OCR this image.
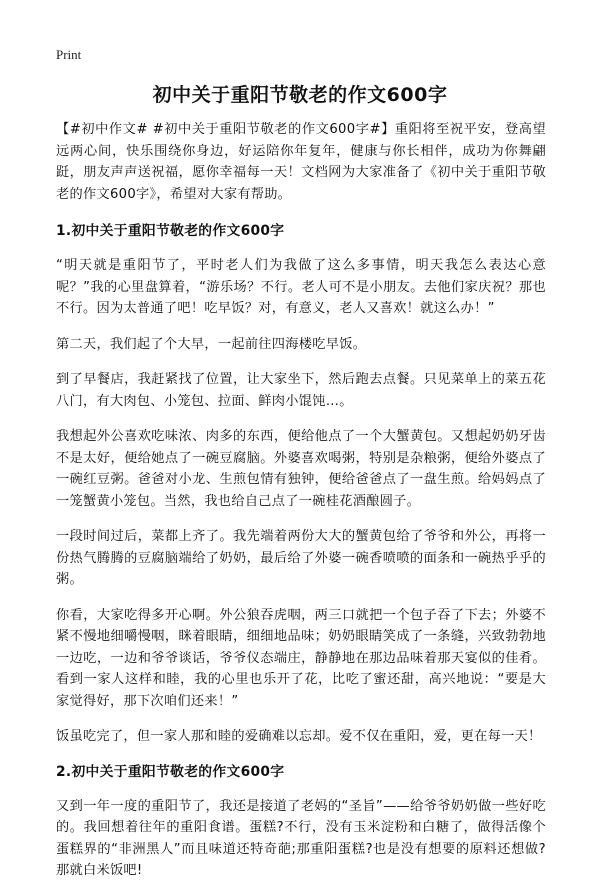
Print
初中关于重阳节敬老的作文600字

【#初中作文# #初中关于重阳节敬老的作文600字#】重阳将至祝平安，登高望远两心间，快乐围绕你身边，好运陪你年复年，健康与你长相伴，成功为你舞翩跹，朋友声声送祝福，愿你幸福每一天！文档网为大家准备了《初中关于重阳节敬老的作文600字》，希望对大家有帮助。

1.初中关于重阳节敬老的作文600字

“明天就是重阳节了，平时老人们为我做了这么多事情，明天我怎么表达心意呢？”我的心里盘算着，“游乐场？不行。老人可不是小朋友。去他们家庆祝？那也不行。因为太普通了吧！吃早饭？对，有意义，老人又喜欢！就这么办！”

第二天，我们起了个大早，一起前往四海楼吃早饭。

到了早餐店，我赶紧找了位置，让大家坐下，然后跑去点餐。只见菜单上的菜五花八门，有大肉包、小笼包、拉面、鲜肉小馄饨…。

我想起外公喜欢吃味浓、肉多的东西，便给他点了一个大蟹黄包。又想起奶奶牙齿不是太好，便给她点了一碗豆腐脑。外婆喜欢喝粥，特别是杂粮粥，便给外婆点了一碗红豆粥。爸爸对小龙、生煎包情有独钟，便给爸爸点了一盘生煎。给妈妈点了一笼蟹黄小笼包。当然，我也给自己点了一碗桂花酒酿圆子。

一段时间过后，菜都上齐了。我先端着两份大大的蟹黄包给了爷爷和外公，再将一份热气腾腾的豆腐脑端给了奶奶，最后给了外婆一碗香喷喷的面条和一碗热乎乎的粥。

你看，大家吃得多开心啊。外公狼吞虎咽，两三口就把一个包子吞了下去；外婆不紧不慢地细嚼慢咽，眯着眼睛，细细地品味；奶奶眼睛笑成了一条缝，兴致勃勃地一边吃，一边和爷爷谈话，爷爷仪态端庄，静静地在那边品味着那天宴似的佳肴。看到一家人这样和睦，我的心里也乐开了花，比吃了蜜还甜，高兴地说：“要是大家觉得好，那下次咱们还来！”

饭虽吃完了，但一家人那和睦的爱确难以忘却。爱不仅在重阳，爱，更在每一天！

2.初中关于重阳节敬老的作文600字

又到一年一度的重阳节了，我还是接道了老妈的“圣旨”——给爷爷奶奶做一些好吃的。我回想着往年的重阳食谱。蛋糕?不行，没有玉米淀粉和白糖了，做得活像个蛋糕界的“非洲黑人”而且味道还特奇葩;那重阳蛋糕?也是没有想要的原料还想做?那就白米饭吧!
